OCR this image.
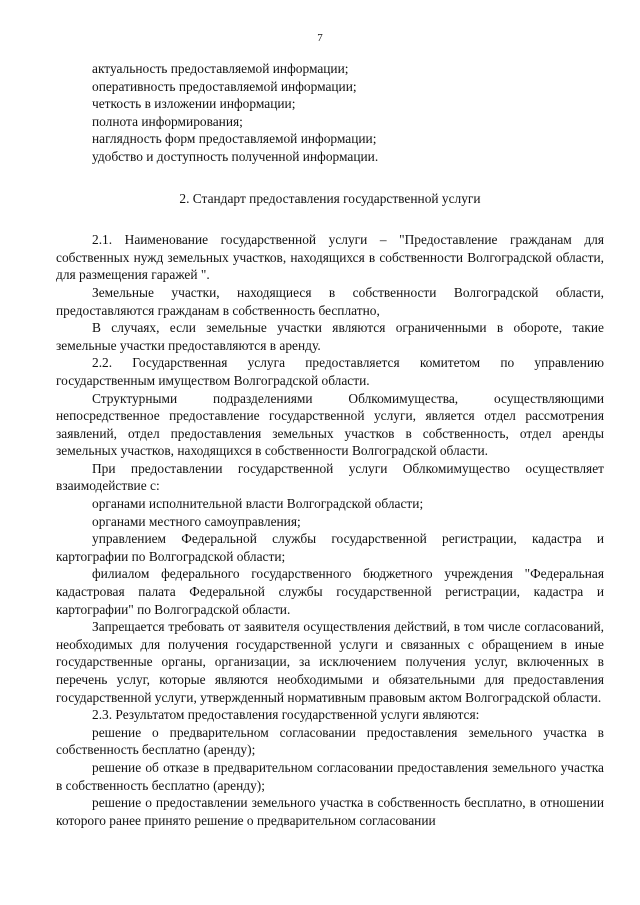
7

актуальность предоставляемой информации;

оперативность предоставляемой информации;

четкость в изложении информации;

полнота информирования;

наглядность форм предоставляемой информации;

удобство и доступность полученной информации.

2. Стандарт предоставления государственной услуги

2.1. Наименование государственной услуги – "Предоставление гражданам для собственных нужд земельных участков, находящихся в собственности Волгоградской области, для размещения гаражей ".

Земельные участки, находящиеся в собственности Волгоградской области, предоставляются гражданам в собственность бесплатно,

В случаях, если земельные участки являются ограниченными в обороте, такие земельные участки предоставляются в аренду.

2.2. Государственная услуга предоставляется комитетом по управлению государственным имуществом Волгоградской области.

Структурными подразделениями Облкомимущества, осуществляющими непосредственное предоставление государственной услуги, является отдел рассмотрения заявлений, отдел предоставления земельных участков в собственность, отдел аренды земельных участков, находящихся в собственности Волгоградской области.

При предоставлении государственной услуги Облкомимущество осуществляет взаимодействие с:

органами исполнительной власти Волгоградской области;

органами местного самоуправления;

управлением Федеральной службы государственной регистрации, кадастра и картографии по Волгоградской области;

филиалом федерального государственного бюджетного учреждения "Федеральная кадастровая палата Федеральной службы государственной регистрации, кадастра и картографии" по Волгоградской области.

Запрещается требовать от заявителя осуществления действий, в том числе согласований, необходимых для получения государственной услуги и связанных с обращением в иные государственные органы, организации, за исключением получения услуг, включенных в перечень услуг, которые являются необходимыми и обязательными для предоставления государственной услуги, утвержденный нормативным правовым актом Волгоградской области.

2.3. Результатом предоставления государственной услуги являются:

решение о предварительном согласовании предоставления земельного участка в собственность бесплатно (аренду);

решение об отказе в предварительном согласовании предоставления земельного участка в собственность бесплатно (аренду);

решение о предоставлении земельного участка в собственность бесплатно, в отношении которого ранее принято решение о предварительном согласовании
